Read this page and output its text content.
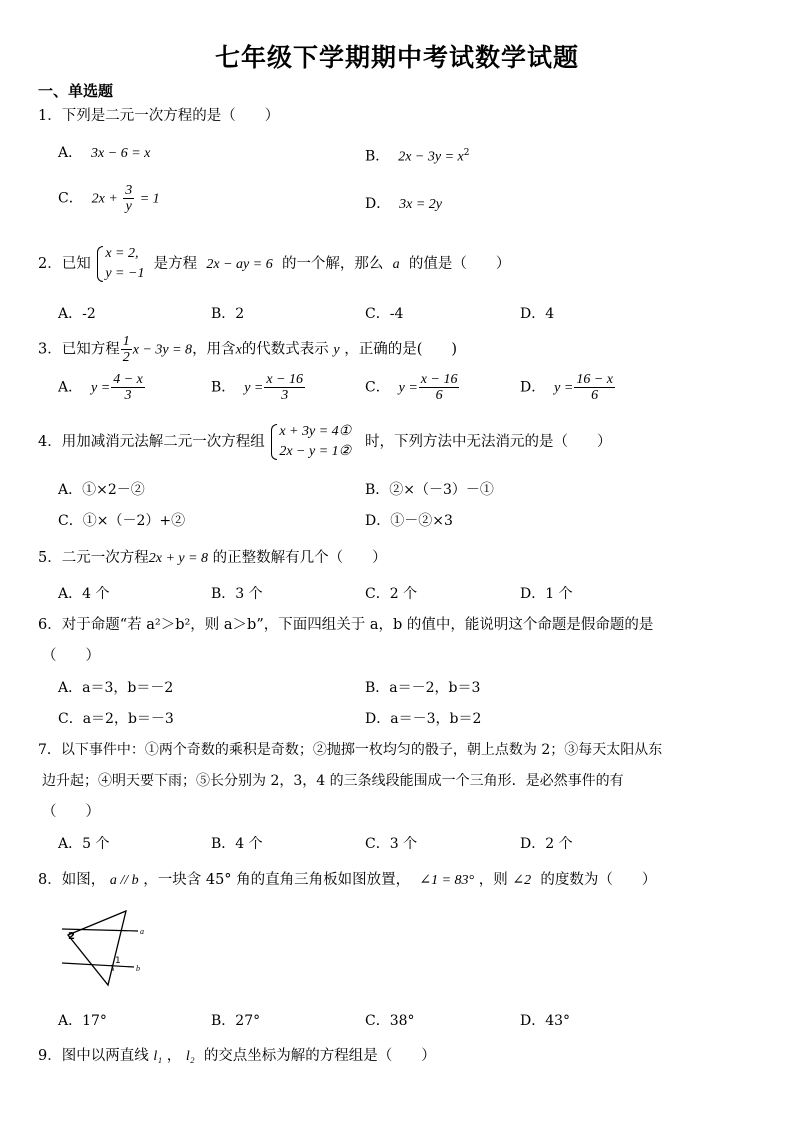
七年级下学期期中考试数学试题
一、单选题
1．下列是二元一次方程的是（　　）
A． 3x − 6 = x	B． $2x - 3y = x^2$
C． $2x + \frac{3}{y} = 1$	D． 3x = 2y
2．已知
x = 2,
y = −1
是方程 2x − ay = 6 的一个解，那么 a 的值是（　　）
A．-2	B．2	C．-4	D．4
3．已知方程 $\frac{1}{2}$ x − 3y = 8，用含x的代数式表示 y ，正确的是(　　)
A． $y = \frac{4 - x}{3}$	B． $y = \frac{x - 16}{3}$	C． $y = \frac{x - 16}{6}$	D． $y = \frac{16 - x}{6}$
4．用加减消元法解二元一次方程组
x + 3y = 4①
2x − y = 1②
时，下列方法中无法消元的是（　　）
A．①×2－②	B．②×（－3）－①
C．①×（－2）+②	D．①－②×3
5．二元一次方程2x + y = 8 的正整数解有几个（　　）
A．4 个	B．3 个	C．2 个	D．1 个
6．对于命题“若 a²＞b²，则 a＞b”，下面四组关于 a，b 的值中，能说明这个命题是假命题的是
（　　）
A．a＝3，b＝－2	B．a＝－2，b＝3
C．a＝2，b＝－3	D．a＝－3，b＝2
7．以下事件中：①两个奇数的乘积是奇数；②抛掷一枚均匀的骰子，朝上点数为 2；③每天太阳从东
边升起；④明天要下雨；⑤长分别为 2，3，4 的三条线段能围成一个三角形．是必然事件的有
（　　）
A．5 个	B．4 个	C．3 个	D．2 个
8．如图， a // b ，一块含 45° 角的直角三角板如图放置， ∠1 = 83° ，则 ∠2 的度数为（　　）
a
b
2
1
A．17°	B．27°	C．38°	D．43°
9．图中以两直线 l₁ ， l₂ 的交点坐标为解的方程组是（　　）
